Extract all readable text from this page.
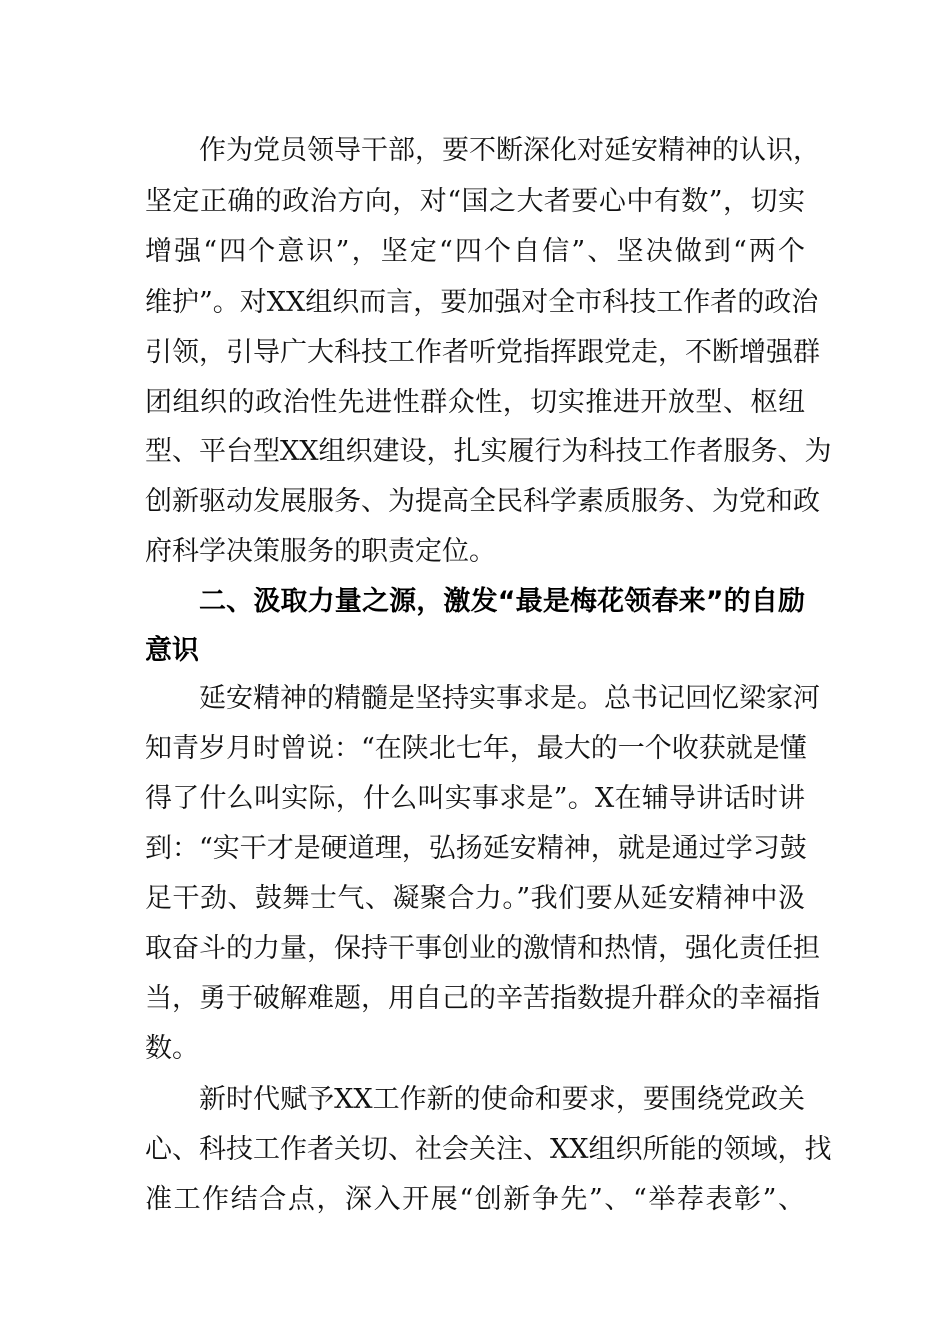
作为党员领导干部，要不断深化对延安精神的认识，
坚定正确的政治方向，对“国之大者要心中有数”，切实
增强“四个意识”，坚定“四个自信”、坚决做到“两个
维护”。对XX组织而言，要加强对全市科技工作者的政治
引领，引导广大科技工作者听党指挥跟党走，不断增强群
团组织的政治性先进性群众性，切实推进开放型、枢纽
型、平台型XX组织建设，扎实履行为科技工作者服务、为
创新驱动发展服务、为提高全民科学素质服务、为党和政
府科学决策服务的职责定位。
二、汲取力量之源，激发“最是梅花领春来”的自励
意识
延安精神的精髓是坚持实事求是。总书记回忆梁家河
知青岁月时曾说：“在陕北七年，最大的一个收获就是懂
得了什么叫实际，什么叫实事求是”。X在辅导讲话时讲
到：“实干才是硬道理，弘扬延安精神，就是通过学习鼓
足干劲、鼓舞士气、凝聚合力。”我们要从延安精神中汲
取奋斗的力量，保持干事创业的激情和热情，强化责任担
当，勇于破解难题，用自己的辛苦指数提升群众的幸福指
数。
新时代赋予XX工作新的使命和要求，要围绕党政关
心、科技工作者关切、社会关注、XX组织所能的领域，找
准工作结合点，深入开展“创新争先”、“举荐表彰”、
